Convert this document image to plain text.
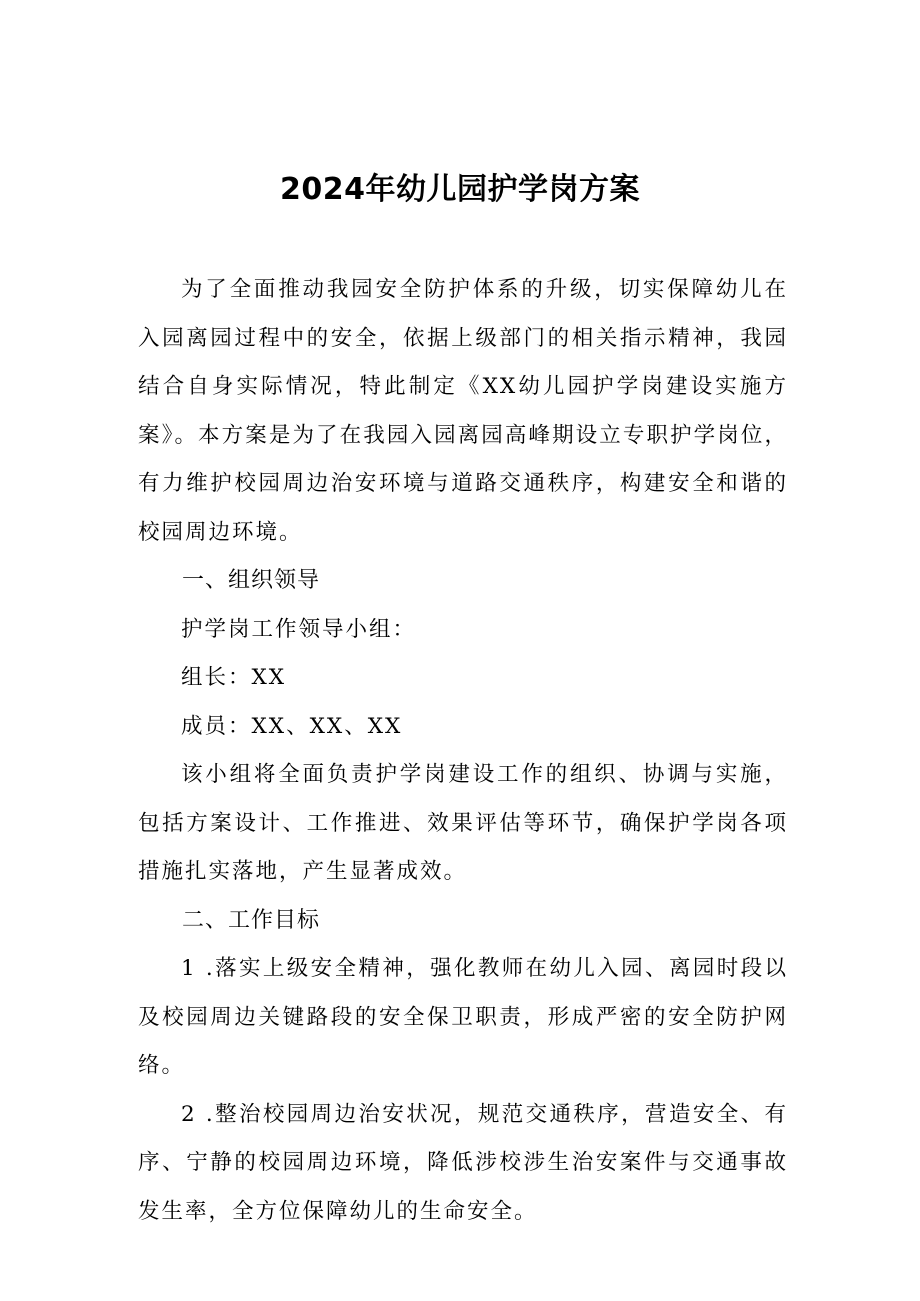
2024年幼儿园护学岗方案

为了全面推动我园安全防护体系的升级，切实保障幼儿在入园离园过程中的安全，依据上级部门的相关指示精神，我园结合自身实际情况，特此制定《XX幼儿园护学岗建设实施方案》。本方案是为了在我园入园离园高峰期设立专职护学岗位，有力维护校园周边治安环境与道路交通秩序，构建安全和谐的校园周边环境。

一、组织领导

护学岗工作领导小组：

组长：XX

成员：XX、XX、XX

该小组将全面负责护学岗建设工作的组织、协调与实施，包括方案设计、工作推进、效果评估等环节，确保护学岗各项措施扎实落地，产生显著成效。

二、工作目标

1 .落实上级安全精神，强化教师在幼儿入园、离园时段以及校园周边关键路段的安全保卫职责，形成严密的安全防护网络。

2 .整治校园周边治安状况，规范交通秩序，营造安全、有序、宁静的校园周边环境，降低涉校涉生治安案件与交通事故发生率，全方位保障幼儿的生命安全。
